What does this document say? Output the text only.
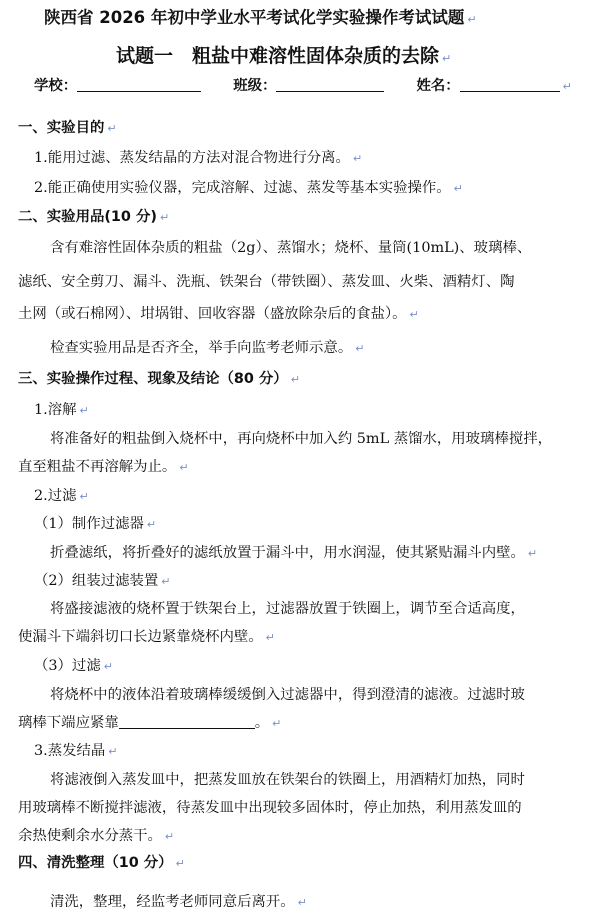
陕西省 2026 年初中学业水平考试化学实验操作考试试题 ↵
试题一　粗盐中难溶性固体杂质的去除 ↵
学校：	班级：	姓名：	↵
一、实验目的 ↵
1.能用过滤、蒸发结晶的方法对混合物进行分离。 ↵
2.能正确使用实验仪器，完成溶解、过滤、蒸发等基本实验操作。 ↵
二、实验用品(10 分) ↵
含有难溶性固体杂质的粗盐（2g）、蒸馏水；烧杯、量筒(10mL)、玻璃棒、
滤纸、安全剪刀、漏斗、洗瓶、铁架台（带铁圈）、蒸发皿、火柴、酒精灯、陶
土网（或石棉网）、坩埚钳、回收容器（盛放除杂后的食盐）。 ↵
检查实验用品是否齐全，举手向监考老师示意。 ↵
三、实验操作过程、现象及结论（80 分） ↵
1.溶解 ↵
将准备好的粗盐倒入烧杯中，再向烧杯中加入约 5mL 蒸馏水，用玻璃棒搅拌，
直至粗盐不再溶解为止。 ↵
2.过滤 ↵
（1）制作过滤器 ↵
折叠滤纸，将折叠好的滤纸放置于漏斗中，用水润湿，使其紧贴漏斗内壁。 ↵
（2）组装过滤装置 ↵
将盛接滤液的烧杯置于铁架台上，过滤器放置于铁圈上，调节至合适高度，
使漏斗下端斜切口长边紧靠烧杯内壁。 ↵
（3）过滤 ↵
将烧杯中的液体沿着玻璃棒缓缓倒入过滤器中，得到澄清的滤液。过滤时玻
璃棒下端应紧靠	。 ↵
3.蒸发结晶 ↵
将滤液倒入蒸发皿中，把蒸发皿放在铁架台的铁圈上，用酒精灯加热，同时
用玻璃棒不断搅拌滤液，待蒸发皿中出现较多固体时，停止加热，利用蒸发皿的
余热使剩余水分蒸干。 ↵
四、清洗整理（10 分） ↵
清洗，整理，经监考老师同意后离开。 ↵
